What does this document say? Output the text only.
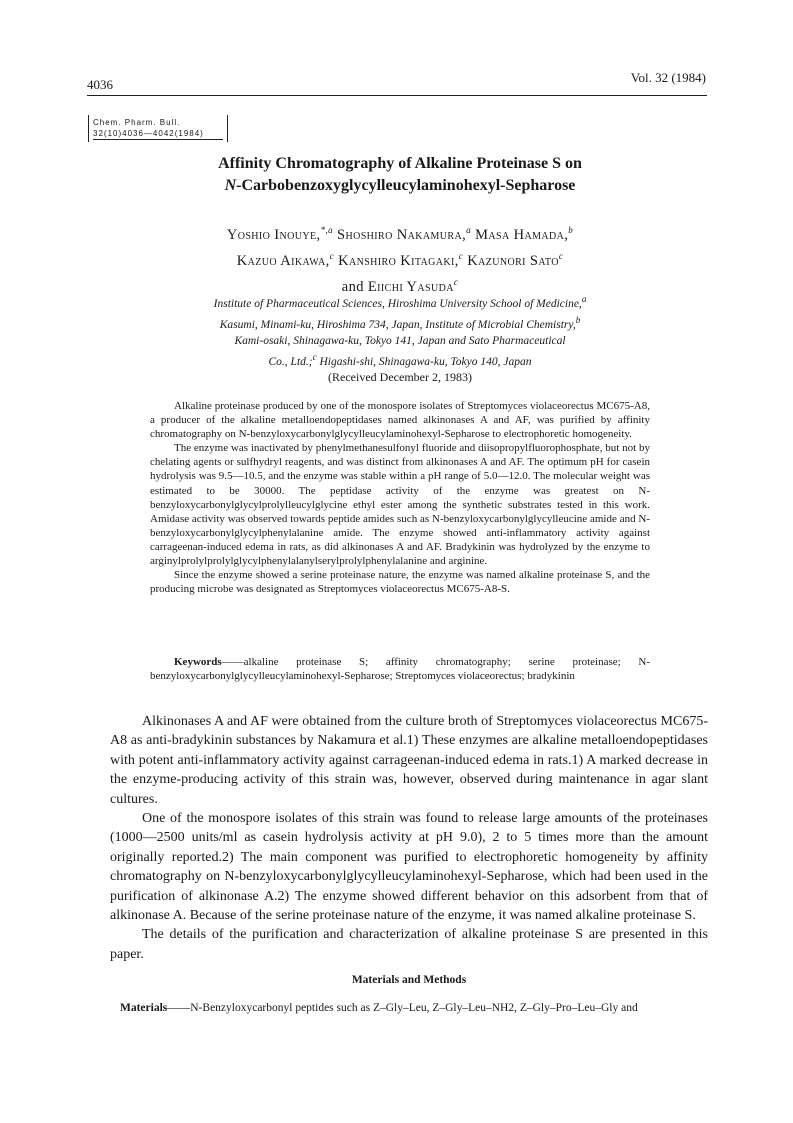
4036	Vol. 32 (1984)
Chem. Pharm. Bull.
32(10)4036—4042(1984)
Affinity Chromatography of Alkaline Proteinase S on
N-Carbobenzoxyglycylleucylaminohexyl-Sepharose
Yoshio Inouye,$^{*,a}$ Shoshiro Nakamura,$^a$ Masa Hamada,$^b$
Kazuo Aikawa,$^c$ Kanshiro Kitagaki,$^c$ Kazunori Sato$^c$
and Eiichi Yasuda$^c$
Institute of Pharmaceutical Sciences, Hiroshima University School of Medicine,$^a$
Kasumi, Minami-ku, Hiroshima 734, Japan, Institute of Microbial Chemistry,$^b$
Kami-osaki, Shinagawa-ku, Tokyo 141, Japan and Sato Pharmaceutical
Co., Ltd.;$^c$ Higashi-shi, Shinagawa-ku, Tokyo 140, Japan
(Received December 2, 1983)

Alkaline proteinase produced by one of the monospore isolates of Streptomyces violaceorectus MC675-A8, a producer of the alkaline metalloendopeptidases named alkinonases A and AF, was purified by affinity chromatography on N-benzyloxycarbonylglycylleucylaminohexyl-Sepharose to electrophoretic homogeneity.

The enzyme was inactivated by phenylmethanesulfonyl fluoride and diisopropylfluorophosphate, but not by chelating agents or sulfhydryl reagents, and was distinct from alkinonases A and AF. The optimum pH for casein hydrolysis was 9.5—10.5, and the enzyme was stable within a pH range of 5.0—12.0. The molecular weight was estimated to be 30000. The peptidase activity of the enzyme was greatest on N-benzyloxycarbonylglycylprolylleucylglycine ethyl ester among the synthetic substrates tested in this work. Amidase activity was observed towards peptide amides such as N-benzyloxycarbonylglycylleucine amide and N-benzyloxycarbonylglycylphenylalanine amide. The enzyme showed anti-inflammatory activity against carrageenan-induced edema in rats, as did alkinonases A and AF. Bradykinin was hydrolyzed by the enzyme to arginylprolylprolylglycylphenylalanylserylprolylphenylalanine and arginine.

Since the enzyme showed a serine proteinase nature, the enzyme was named alkaline proteinase S, and the producing microbe was designated as Streptomyces violaceorectus MC675-A8-S.

Keywords——alkaline proteinase S; affinity chromatography; serine proteinase; N-benzyloxycarbonylglycylleucylaminohexyl-Sepharose; Streptomyces violaceorectus; bradykinin

Alkinonases A and AF were obtained from the culture broth of Streptomyces violaceorectus MC675-A8 as anti-bradykinin substances by Nakamura et al.1) These enzymes are alkaline metalloendopeptidases with potent anti-inflammatory activity against carrageenan-induced edema in rats.1) A marked decrease in the enzyme-producing activity of this strain was, however, observed during maintenance in agar slant cultures.

One of the monospore isolates of this strain was found to release large amounts of the proteinases (1000—2500 units/ml as casein hydrolysis activity at pH 9.0), 2 to 5 times more than the amount originally reported.2) The main component was purified to electrophoretic homogeneity by affinity chromatography on N-benzyloxycarbonylglycylleucylaminohexyl-Sepharose, which had been used in the purification of alkinonase A.2) The enzyme showed different behavior on this adsorbent from that of alkinonase A. Because of the serine proteinase nature of the enzyme, it was named alkaline proteinase S.

The details of the purification and characterization of alkaline proteinase S are presented in this paper.

Materials and Methods
Materials——N-Benzyloxycarbonyl peptides such as Z–Gly–Leu, Z–Gly–Leu–NH2, Z–Gly–Pro–Leu–Gly and
